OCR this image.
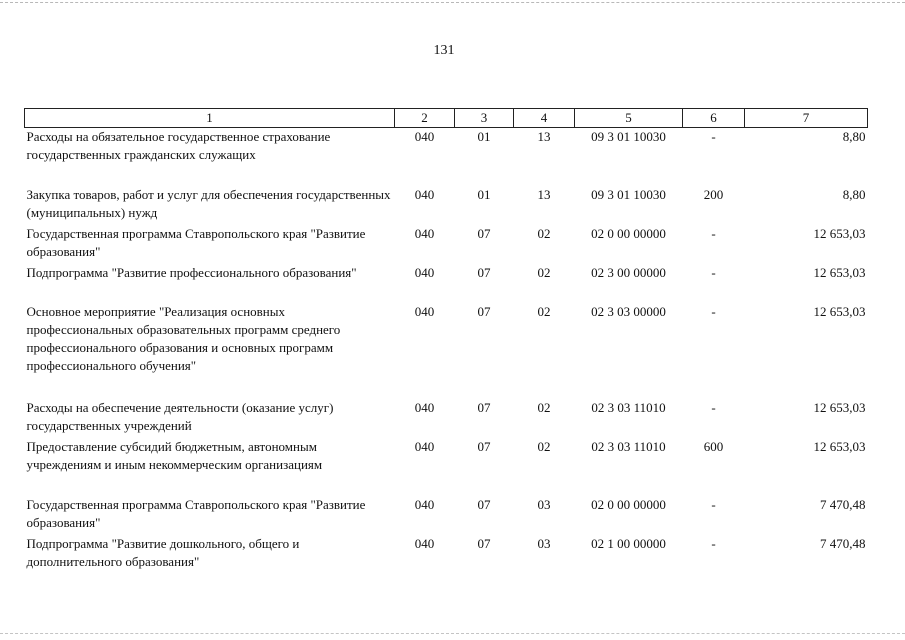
131
1	2	3	4	5	6	7
Расходы на обязательное государственное страхование государственных гражданских служащих	040	01	13	09 3 01 10030	-	8,80
Закупка товаров, работ и услуг для обеспечения государственных (муниципальных) нужд	040	01	13	09 3 01 10030	200	8,80
Государственная программа Ставропольского края "Развитие образования"	040	07	02	02 0 00 00000	-	12 653,03
Подпрограмма "Развитие профессионального образования"	040	07	02	02 3 00 00000	-	12 653,03
Основное мероприятие "Реализация основных профессиональных образовательных программ среднего профессионального образования и основных программ профессионального обучения"	040	07	02	02 3 03 00000	-	12 653,03
Расходы на обеспечение деятельности (оказание услуг) государственных учреждений	040	07	02	02 3 03 11010	-	12 653,03
Предоставление субсидий бюджетным, автономным учреждениям и иным некоммерческим организациям	040	07	02	02 3 03 11010	600	12 653,03
Государственная программа Ставропольского края "Развитие образования"	040	07	03	02 0 00 00000	-	7 470,48
Подпрограмма "Развитие дошкольного, общего и дополнительного образования"	040	07	03	02 1 00 00000	-	7 470,48
